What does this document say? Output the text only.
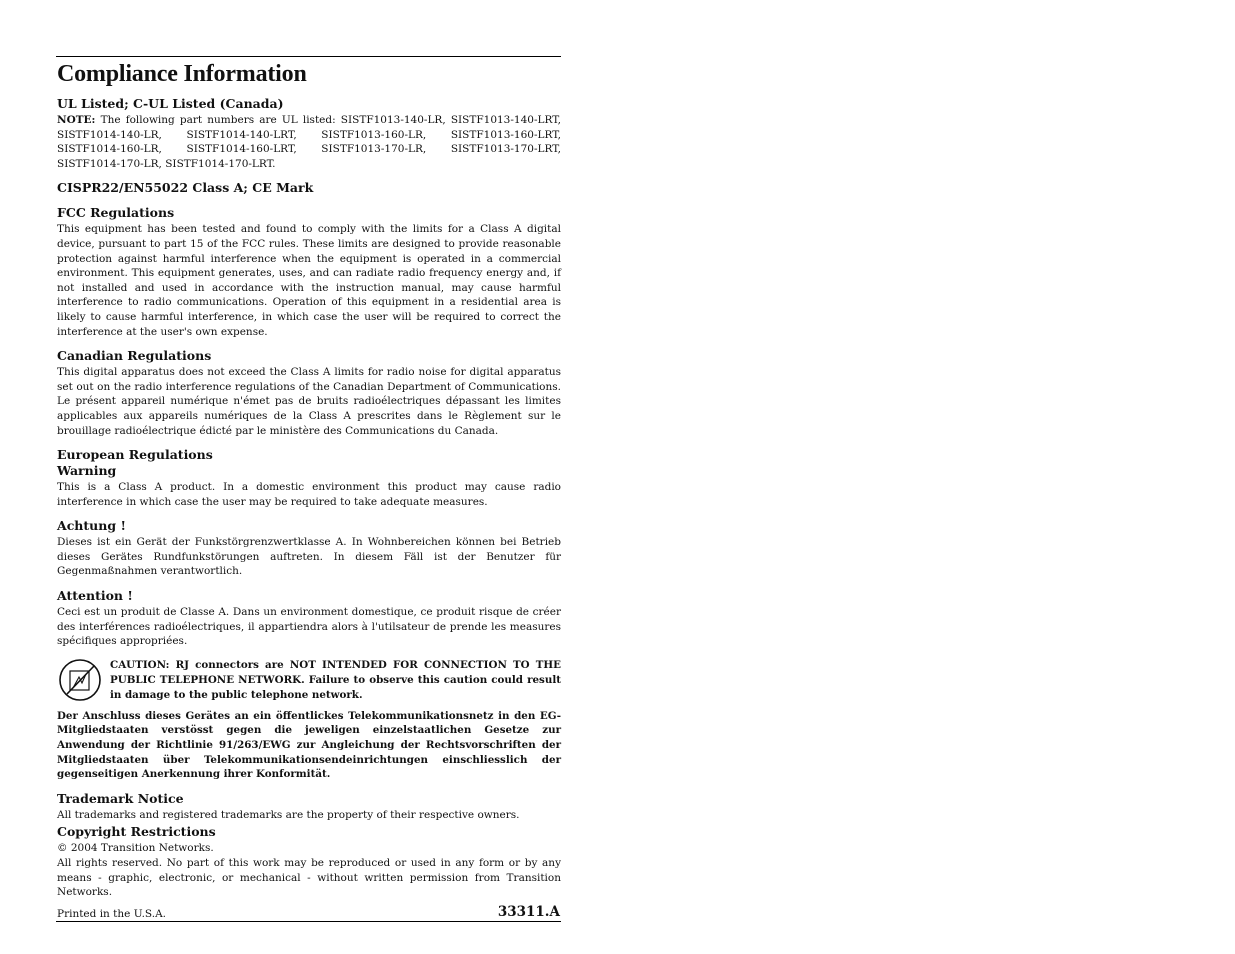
Compliance Information
UL Listed; C-UL Listed (Canada)
NOTE: The following part numbers are UL listed: SISTF1013-140-LR, SISTF1013-140-LRT, SISTF1014-140-LR, SISTF1014-140-LRT, SISTF1013-160-LR, SISTF1013-160-LRT, SISTF1014-160-LR, SISTF1014-160-LRT, SISTF1013-170-LR, SISTF1013-170-LRT, SISTF1014-170-LR, SISTF1014-170-LRT.
CISPR22/EN55022 Class A; CE Mark
FCC Regulations
This equipment has been tested and found to comply with the limits for a Class A digital device, pursuant to part 15 of the FCC rules. These limits are designed to provide reasonable protection against harmful interference when the equipment is operated in a commercial environment. This equipment generates, uses, and can radiate radio frequency energy and, if not installed and used in accordance with the instruction manual, may cause harmful interference to radio communications. Operation of this equipment in a residential area is likely to cause harmful interference, in which case the user will be required to correct the interference at the user's own expense.
Canadian Regulations
This digital apparatus does not exceed the Class A limits for radio noise for digital apparatus set out on the radio interference regulations of the Canadian Department of Communications. Le présent appareil numérique n'émet pas de bruits radioélectriques dépassant les limites applicables aux appareils numériques de la Class A prescrites dans le Règlement sur le brouillage radioélectrique édicté par le ministère des Communications du Canada.
European Regulations
Warning
This is a Class A product. In a domestic environment this product may cause radio interference in which case the user may be required to take adequate measures.
Achtung !
Dieses ist ein Gerät der Funkstörgrenzwertklasse A. In Wohnbereichen können bei Betrieb dieses Gerätes Rundfunkstörungen auftreten. In diesem Fäll ist der Benutzer für Gegenmaßnahmen verantwortlich.
Attention !
Ceci est un produit de Classe A. Dans un environment domestique, ce produit risque de créer des interférences radioélectriques, il appartiendra alors à l'utilsateur de prende les measures spécifiques appropriées.
CAUTION: RJ connectors are NOT INTENDED FOR CONNECTION TO THE PUBLIC TELEPHONE NETWORK. Failure to observe this caution could result in damage to the public telephone network.
Der Anschluss dieses Gerätes an ein öffentlickes Telekommunikationsnetz in den EG-Mitgliedstaaten verstösst gegen die jeweligen einzelstaatlichen Gesetze zur Anwendung der Richtlinie 91/263/EWG zur Angleichung der Rechtsvorschriften der Mitgliedstaaten über Telekommunikationsendeinrichtungen einschliesslich der gegenseitigen Anerkennung ihrer Konformität.
Trademark Notice
All trademarks and registered trademarks are the property of their respective owners.
Copyright Restrictions
© 2004 Transition Networks.
All rights reserved. No part of this work may be reproduced or used in any form or by any means - graphic, electronic, or mechanical - without written permission from Transition Networks.
Printed in the U.S.A.	33311.A
